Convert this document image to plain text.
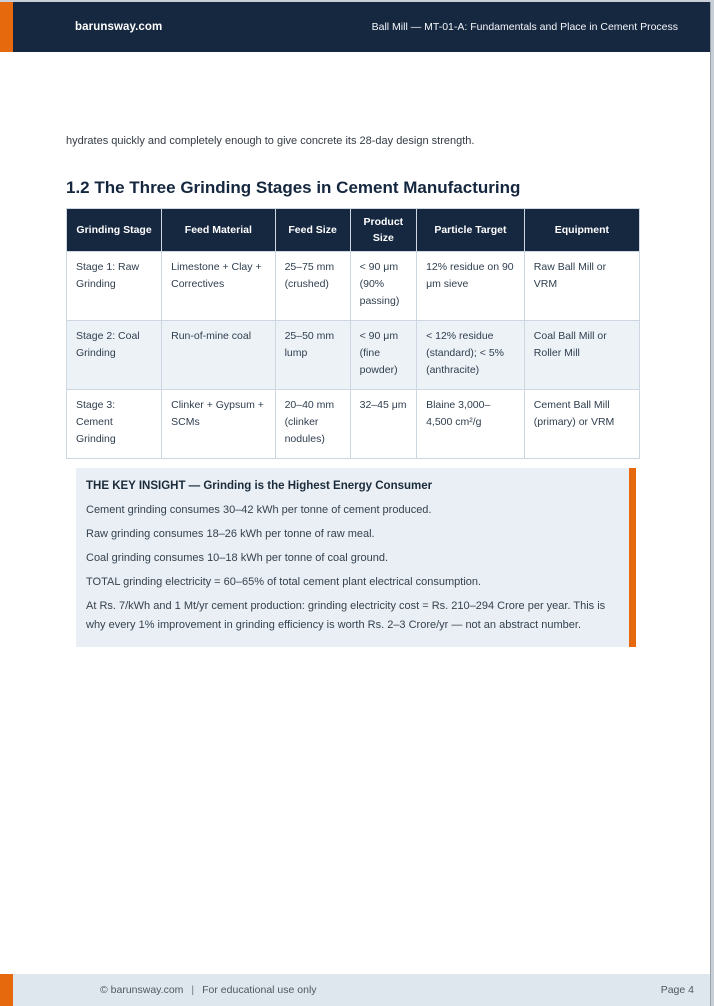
barunsway.com	Ball Mill — MT-01-A: Fundamentals and Place in Cement Process

hydrates quickly and completely enough to give concrete its 28-day design strength.

1.2 The Three Grinding Stages in Cement Manufacturing
Grinding Stage	Feed Material	Feed Size	Product Size	Particle Target	Equipment
Stage 1: Raw Grinding	Limestone + Clay + Correctives	25–75 mm (crushed)	< 90 μm (90% passing)	12% residue on 90 μm sieve	Raw Ball Mill or VRM
Stage 2: Coal Grinding	Run-of-mine coal	25–50 mm lump	< 90 μm (fine powder)	< 12% residue (standard); < 5% (anthracite)	Coal Ball Mill or Roller Mill
Stage 3: Cement Grinding	Clinker + Gypsum + SCMs	20–40 mm (clinker nodules)	32–45 μm	Blaine 3,000–4,500 cm²/g	Cement Ball Mill (primary) or VRM

THE KEY INSIGHT — Grinding is the Highest Energy Consumer

Cement grinding consumes 30–42 kWh per tonne of cement produced.

Raw grinding consumes 18–26 kWh per tonne of raw meal.

Coal grinding consumes 10–18 kWh per tonne of coal ground.

TOTAL grinding electricity = 60–65% of total cement plant electrical consumption.

At Rs. 7/kWh and 1 Mt/yr cement production: grinding electricity cost = Rs. 210–294 Crore per year. This is why every 1% improvement in grinding efficiency is worth Rs. 2–3 Crore/yr — not an abstract number.

© barunsway.com | For educational use only	Page 4
